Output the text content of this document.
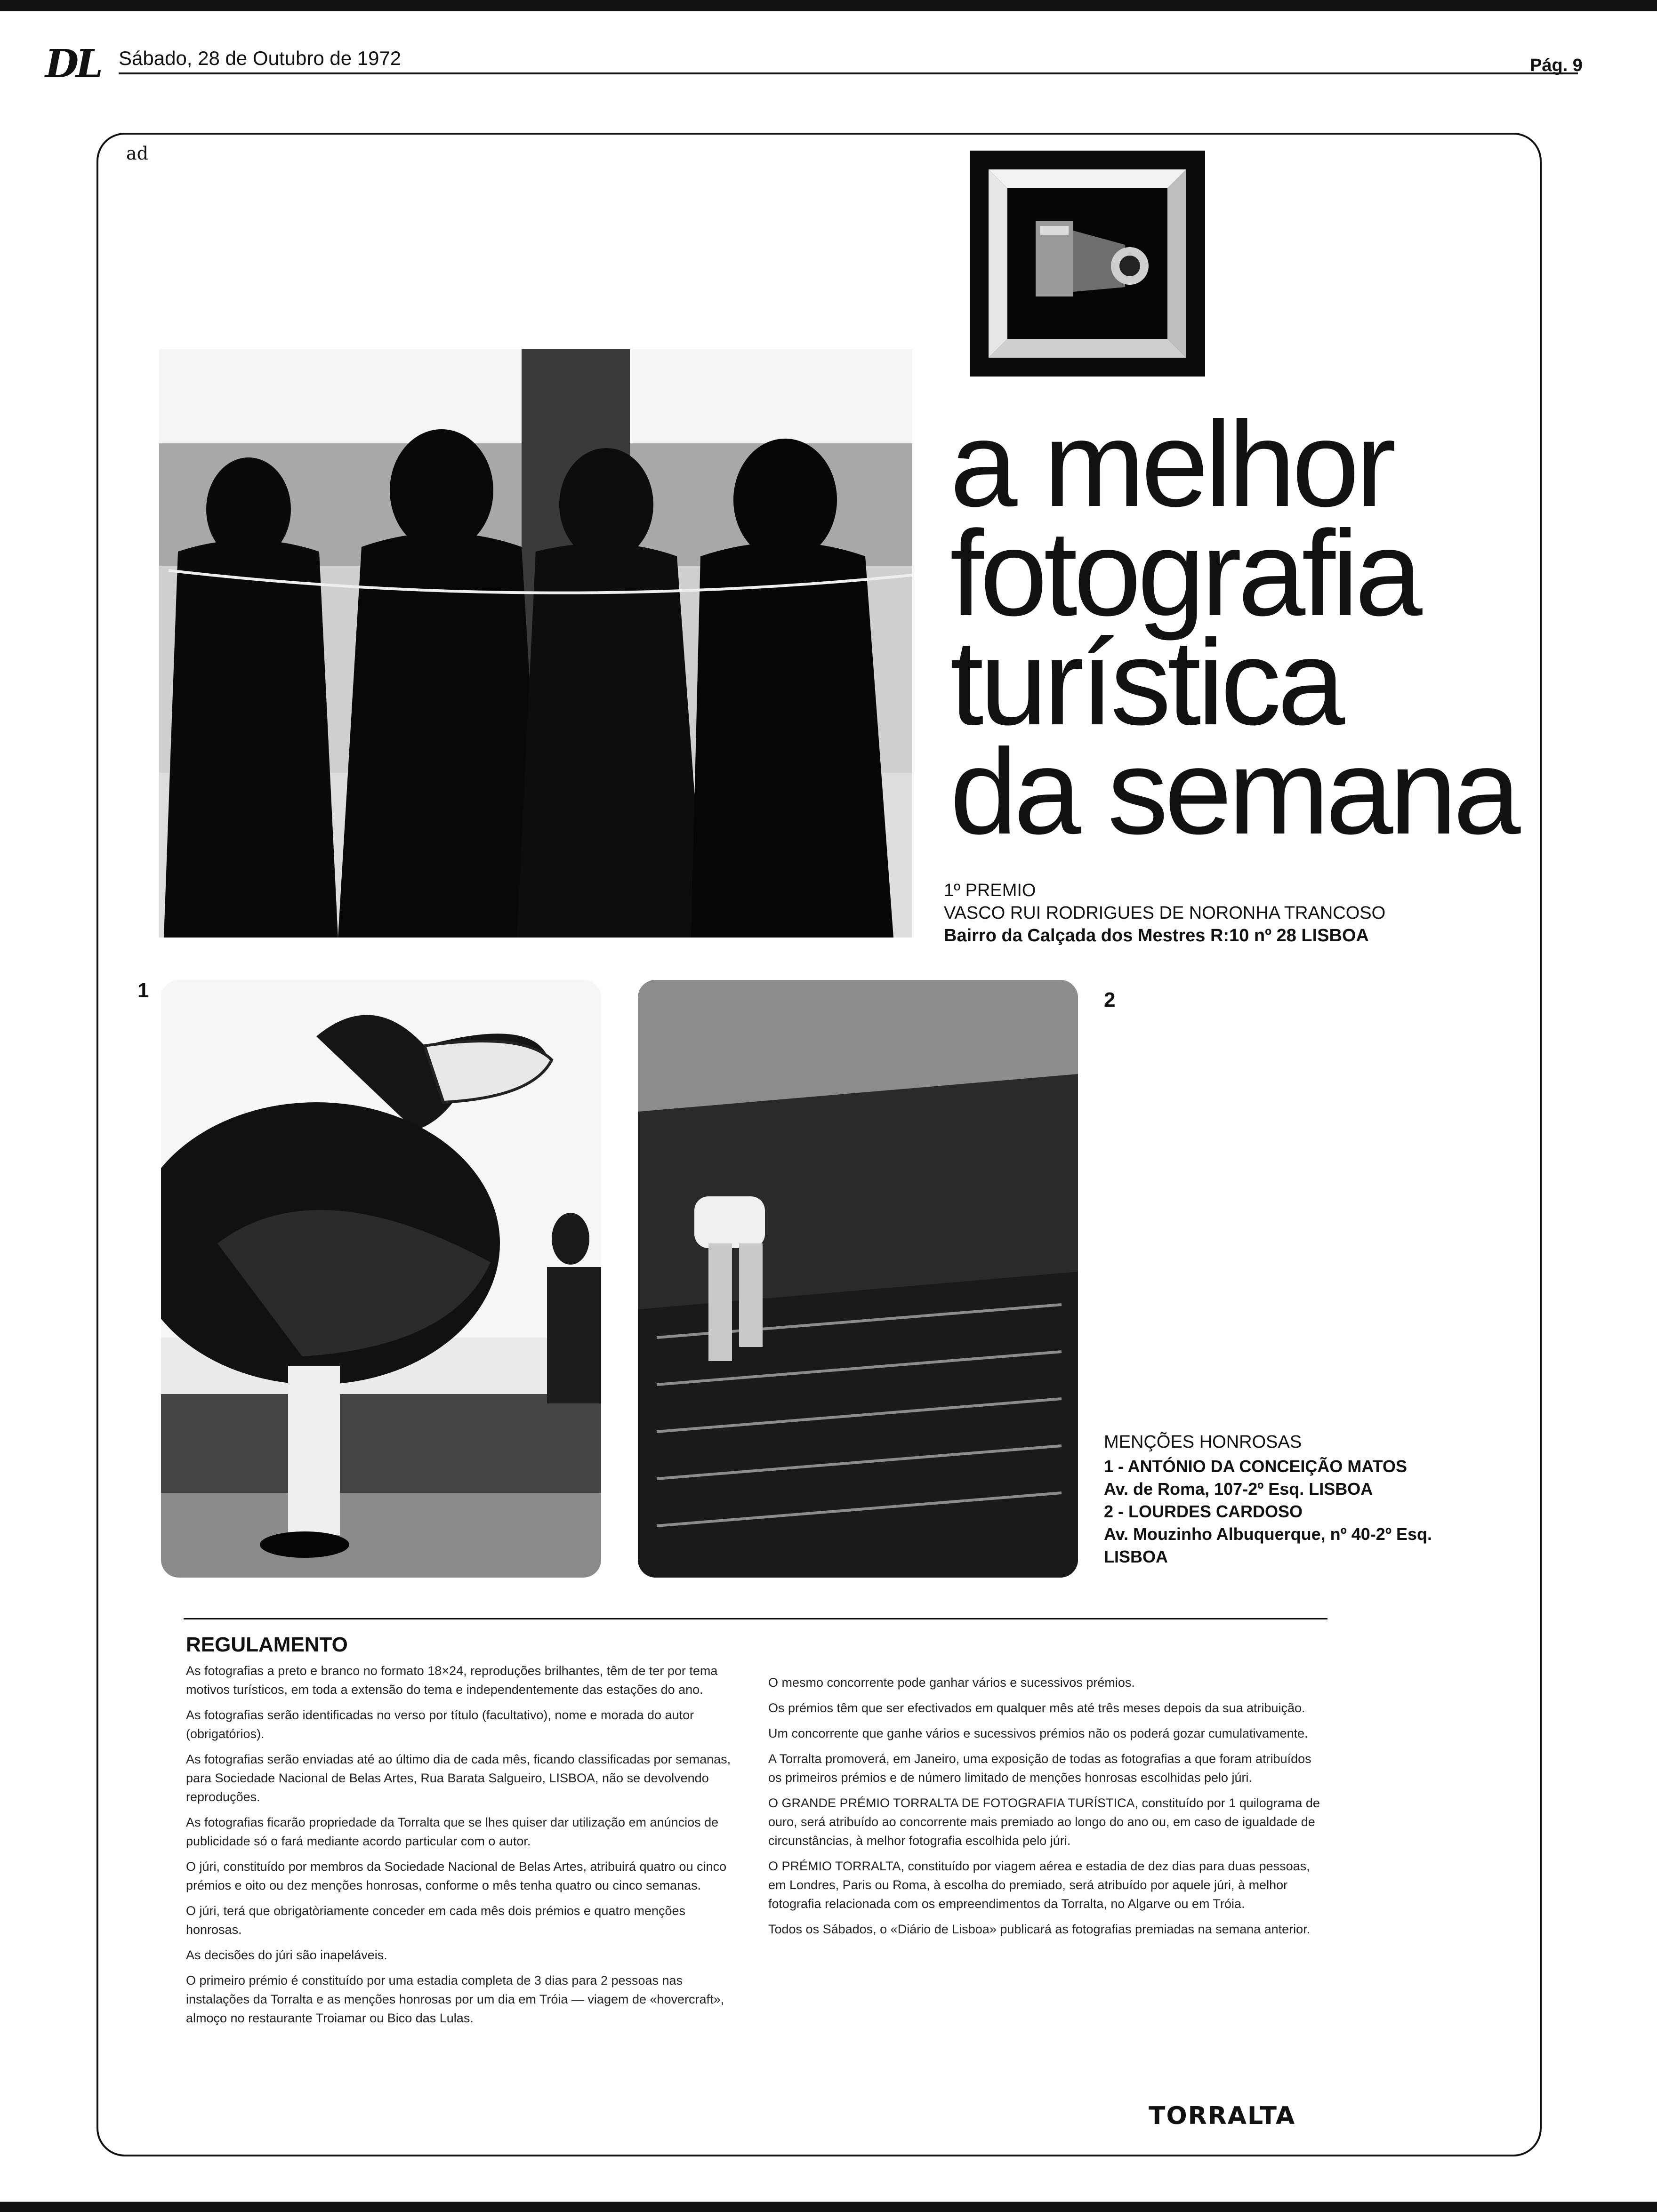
DL Sábado, 28 de Outubro de 1972	Pág. 9
ad
a melhor
fotografia
turística
da semana
1º PREMIO
VASCO RUI RODRIGUES DE NORONHA TRANCOSO
Bairro da Calçada dos Mestres R:10 nº 28 LISBOA
1	2
MENÇÕES HONROSAS
1 - ANTÓNIO DA CONCEIÇÃO MATOS
Av. de Roma, 107-2º Esq. LISBOA
2 - LOURDES CARDOSO
Av. Mouzinho Albuquerque, nº 40-2º Esq.
LISBOA
REGULAMENTO

As fotografias a preto e branco no formato 18×24, reproduções brilhantes, têm de ter por tema motivos turísticos, em toda a extensão do tema e independentemente das estações do ano.

As fotografias serão identificadas no verso por título (facultativo), nome e morada do autor (obrigatórios).

As fotografias serão enviadas até ao último dia de cada mês, ficando classificadas por semanas, para Sociedade Nacional de Belas Artes, Rua Barata Salgueiro, LISBOA, não se devolvendo reproduções.

As fotografias ficarão propriedade da Torralta que se lhes quiser dar utilização em anúncios de publicidade só o fará mediante acordo particular com o autor.

O júri, constituído por membros da Sociedade Nacional de Belas Artes, atribuirá quatro ou cinco prémios e oito ou dez menções honrosas, conforme o mês tenha quatro ou cinco semanas.

O júri, terá que obrigatòriamente conceder em cada mês dois prémios e quatro menções honrosas.

As decisões do júri são inapeláveis.

O primeiro prémio é constituído por uma estadia completa de 3 dias para 2 pessoas nas instalações da Torralta e as menções honrosas por um dia em Tróia — viagem de «hovercraft», almoço no restaurante Troiamar ou Bico das Lulas.

O mesmo concorrente pode ganhar vários e sucessivos prémios.

Os prémios têm que ser efectivados em qualquer mês até três meses depois da sua atribuição.

Um concorrente que ganhe vários e sucessivos prémios não os poderá gozar cumulativamente.

A Torralta promoverá, em Janeiro, uma exposição de todas as fotografias a que foram atribuídos os primeiros prémios e de número limitado de menções honrosas escolhidas pelo júri.

O GRANDE PRÉMIO TORRALTA DE FOTOGRAFIA TURÍSTICA, constituído por 1 quilograma de ouro, será atribuído ao concorrente mais premiado ao longo do ano ou, em caso de igualdade de circunstâncias, à melhor fotografia escolhida pelo júri.

O PRÉMIO TORRALTA, constituído por viagem aérea e estadia de dez dias para duas pessoas, em Londres, Paris ou Roma, à escolha do premiado, será atribuído por aquele júri, à melhor fotografia relacionada com os empreendimentos da Torralta, no Algarve ou em Tróia.

Todos os Sábados, o «Diário de Lisboa» publicará as fotografias premiadas na semana anterior.

TORRALTA
